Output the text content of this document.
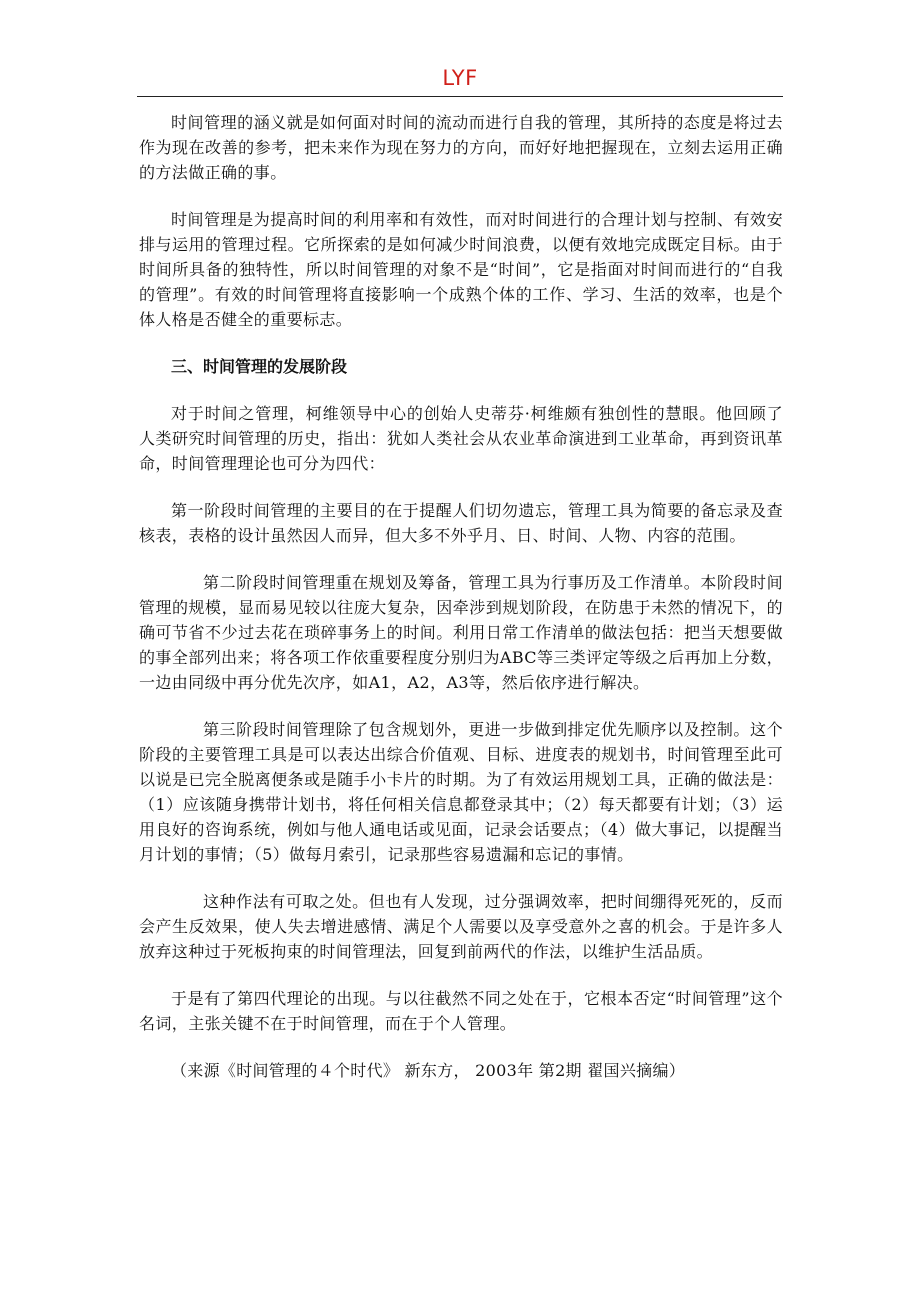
LYF

时间管理的涵义就是如何面对时间的流动而进行自我的管理，其所持的态度是将过去作为现在改善的参考，把未来作为现在努力的方向，而好好地把握现在，立刻去运用正确的方法做正确的事。

时间管理是为提高时间的利用率和有效性，而对时间进行的合理计划与控制、有效安排与运用的管理过程。它所探索的是如何减少时间浪费，以便有效地完成既定目标。由于时间所具备的独特性，所以时间管理的对象不是“时间”，它是指面对时间而进行的“自我的管理”。有效的时间管理将直接影响一个成熟个体的工作、学习、生活的效率，也是个体人格是否健全的重要标志。

三、时间管理的发展阶段

对于时间之管理，柯维领导中心的创始人史蒂芬·柯维颇有独创性的慧眼。他回顾了人类研究时间管理的历史，指出：犹如人类社会从农业革命演进到工业革命，再到资讯革命，时间管理理论也可分为四代：

第一阶段时间管理的主要目的在于提醒人们切勿遗忘，管理工具为简要的备忘录及查核表，表格的设计虽然因人而异，但大多不外乎月、日、时间、人物、内容的范围。

第二阶段时间管理重在规划及筹备，管理工具为行事历及工作清单。本阶段时间管理的规模，显而易见较以往庞大复杂，因牵涉到规划阶段，在防患于未然的情况下，的确可节省不少过去花在琐碎事务上的时间。利用日常工作清单的做法包括：把当天想要做的事全部列出来；将各项工作依重要程度分别归为ABC等三类评定等级之后再加上分数，一边由同级中再分优先次序，如A1，A2，A3等，然后依序进行解决。

第三阶段时间管理除了包含规划外，更进一步做到排定优先顺序以及控制。这个阶段的主要管理工具是可以表达出综合价值观、目标、进度表的规划书，时间管理至此可以说是已完全脱离便条或是随手小卡片的时期。为了有效运用规划工具，正确的做法是：（1）应该随身携带计划书，将任何相关信息都登录其中；（2）每天都要有计划；（3）运用良好的咨询系统，例如与他人通电话或见面，记录会话要点；（4）做大事记，以提醒当月计划的事情；（5）做每月索引，记录那些容易遗漏和忘记的事情。

这种作法有可取之处。但也有人发现，过分强调效率，把时间绷得死死的，反而会产生反效果，使人失去增进感情、满足个人需要以及享受意外之喜的机会。于是许多人放弃这种过于死板拘束的时间管理法，回复到前两代的作法，以维护生活品质。

于是有了第四代理论的出现。与以往截然不同之处在于，它根本否定“时间管理”这个名词，主张关键不在于时间管理，而在于个人管理。

（来源《时间管理的４个时代》 新东方， 2003年 第2期 翟国兴摘编）
